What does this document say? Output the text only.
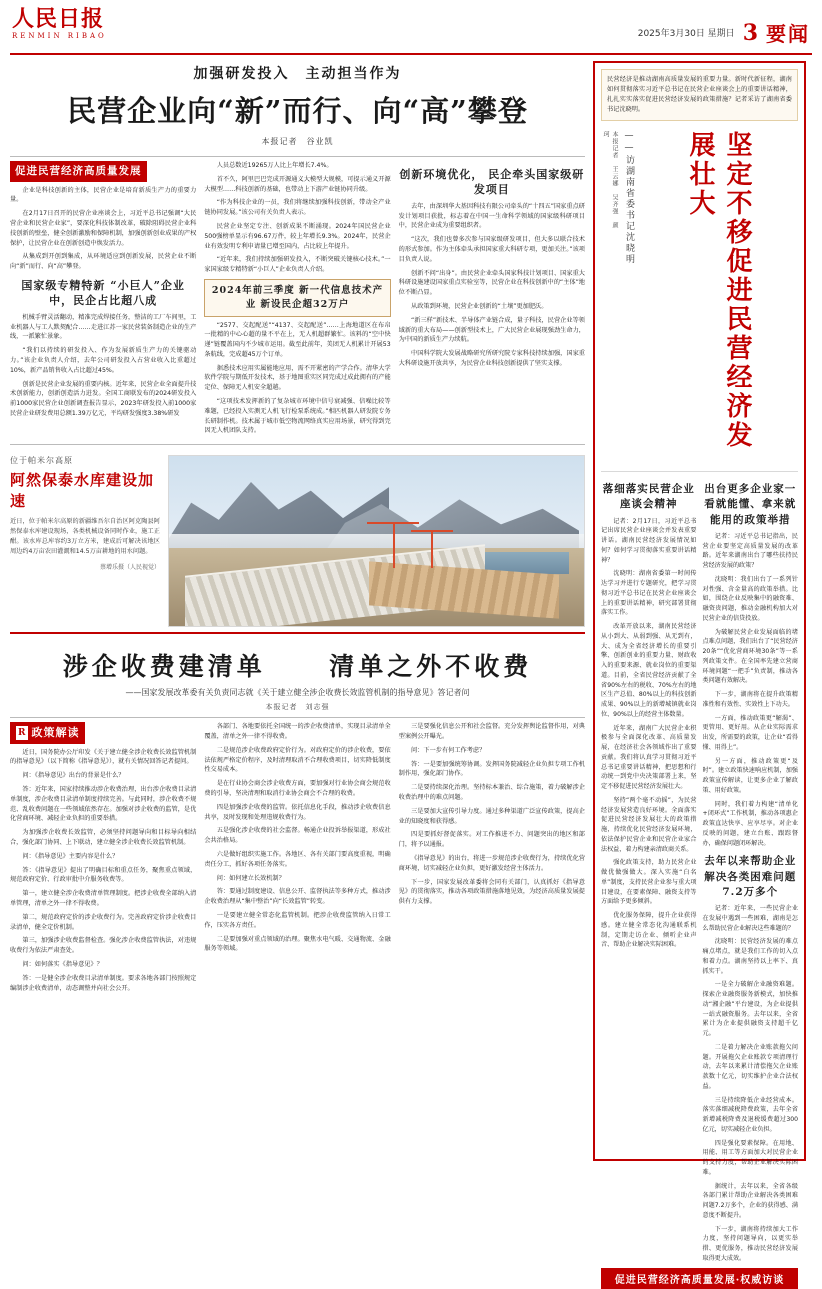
人民日报
RENMIN RIBAO	2025年3月30日 星期日 3 要闻
加强研发投入　主动担当作为
民营企业向“新”而行、向“高”攀登
本报记者　谷业凯
促进民营经济高质量发展

企业是科技创新的主体，民营企业是培育新质生产力的重要力量。

在2月17日召开的民营企业座谈会上，习近平总书记强调“大民营企业和民营企业家”，要深化科技体制改革，破除阻碍民营企业科技创新的壁垒，健全创新激励和保障机制，加强创新创业成果的产权保护，让民营企业在创新创造中焕发活力。

从集成到开创到集成，从环境适应到创新发展，民营企业不断向“新”而行、向“高”攀登。

国家级专精特新 “小巨人”企业中，民企占比超八成

机械手臂灵活翻动，精准完成焊接任务，整洁的工厂车间里，工业机器人与工人默契配合……走进江苏一家民营装备制造企业的生产线，一派繁忙景象。

“我们以持续的研发投入、作为发展新质生产力的关键驱动力。”该企业负责人介绍，去年公司研发投入占营业收入比重超过10%，新产品销售收入占比超过45%。

创新是民营企业发展的重要内核。近年来，民营企业全面提升技术创新能力，创新创造活力迸发。全国工商联发布的2024研发投入前1000家民营企业创新调查报告显示，2023年研发投入前1000家民营企业研发费用总额1.39万亿元，平均研发强度3.38%研发

人员总数近19265万人比上年增长7.4%。

首不久，阿里巴巴完成开源通义大模型大规模，可提示通义开源大模型……科技创新的基础，也带动上下游产业链协同升级。

“作为科技企业的一员，我们将继续加强科技创新，带动全产业链协同发展。”该公司有关负责人表示。

民营企业坚定专注、创新成果不断涌现。2024年国民营企业500强榜单显示有96.67万件，较上年增长9.3%。2024年，民营企业有效发明专利申请量已增至国内，占比较上年提升。

“近年来，我们持续加强研发投入，不断突破关键核心技术。”一家国家级专精特新“小巨人”企业负责人介绍。

2024年前三季度 新一代信息技术产业 新设民企超32万户

“2577、交起配送”“4137、交起配送”……上海地道区在布帛一批精的中心心超的量不平在上，无人机超群繁忙。该料的“空中快递”链覆盖国内不少城市运用。截至此前年，美团无人机累计开展53条航线，完成超45万个订单。

据悉技术应用实属能地应用，需不开紧密的产学合作。清华大学软件学院与期低开发技术，基于地图重实区同完成过成此拥有的产能定位、保障无人机安全超越。

“这项技术发挥新的了复杂城市环境中信号衰减强、信噪比较等难题，已经投入实测无人机飞行检泵系统成。”相匹机器人研发院专务长研制作机。技术属于城市低空物流网络真实应用场景，研究得到完因无人机团队支持。

创新环境优化， 民企牵头国家级研发项目

去年，由深圳华大基因科技有限公司牵头的“十四五”国家重点研发计划项目获批，标志着在中国一生命科学领域的国家级科研项目中，民营企业成为重要组织者。

“这次，我们也曾多次参与国家级研发项目，但大多以联合技术的形式参加。作为主体牵头承担国家重大科研专项，更加关注。”该项目负责人说。

创新不问“出身”。由民营企业牵头国家科技计划项目、国家重大科研设施建设国家重点实验室等，民营企业在科技创新中的“主体”地位不断凸显。

从政策到环境，民营企业创新的“土壤”更加肥沃。

“新三样”新技术、半导体产业链合成，量子科技，民营企业等领域新的重大布局——创新型技术上，广大民营企业展现强劲生命力，为中国的新质生产力续航。

中国科学院大发展战略研究所研究院专家科技持续加强，国家重大科研设施开放共享，为民营企业科技创新提供了坚实支撑。

位于帕米尔高原
阿然保泰水库建设加速
近日，位于帕米尔高原的新疆维吾尔自治区阿克陶县阿然保泰水库建设现场，各类机械设备同时作业，施工正酣。该水库总库容约3万立方米，建成后可解决该地区周边约4万亩农田灌溉和14.5万亩耕地的用水问题。
蔡增乐摄（人民视觉）
涉企收费建清单	清单之外不收费
——国家发展改革委有关负责同志就《关于建立健全涉企收费长效监管机制的指导意见》答记者问
本报记者　刘志强
R 政策解读

近日，国务院办公厅印发《关于建立健全涉企收费长效监管机制的指导意见》（以下简称《指导意见》），就有关情况回答记者提问。

问：《指导意见》出台的背景是什么？

答：近年来，国家持续推动涉企收费治理，出台涉企收费目录清单制度，涉企收费目录清单制度持续完善。与此同时，涉企收费不规范、乱收费问题在一些领域依然存在。加强对涉企收费的监管，是优化营商环境、减轻企业负担的重要举措。

为加强涉企收费长效监管，必须坚持问题导向和目标导向相结合，强化部门协同、上下联动，建立健全涉企收费长效监管机制。

问：《指导意见》主要内容是什么？

答：《指导意见》提出了明确目标和重点任务，聚焦重点领域，规范政府定价、行政审批中介服务收费等。

第一，建立健全涉企收费清单管理制度。把涉企收费全部纳入清单管理，清单之外一律不得收费。

第二，规范政府定价的涉企收费行为。完善政府定价涉企收费目录清单，健全定价机制。

第三，加强涉企收费监督检查。强化涉企收费监管执法，对违规收费行为依法严肃查处。

问：如何落实《指导意见》？

答：一是健全涉企收费目录清单制度。要求各地各部门按照规定编制涉企收费清单，动态调整并向社会公开。

各部门、各地要依托全国统一的涉企收费清单，实现目录清单全覆盖，清单之外一律不得收费。

二是规范涉企收费政府定价行为。对政府定价的涉企收费，要依法依规严格定价程序，及时清理取消不合理收费项目，切实降低制度性交易成本。

是在行业协会商会涉企收费方面，要加强对行业协会商会规范收费的引导，坚决清理和取消行业协会商会不合理的收费。

四是加强涉企收费的监管。依托信息化手段，推动涉企收费信息共享，及时发现和处理违规收费行为。

五是强化涉企收费的社会监督。畅通企业投诉举报渠道，形成社会共治格局。

六是做好组织实施工作。各地区、各有关部门要高度重视，明确责任分工，抓好各项任务落实。

问：如何建立长效机制？

答：要通过制度建设、信息公开、监督执法等多种方式，推动涉企收费治理从“集中整治”向“长效监管”转变。

一是要建立健全常态化监管机制。把涉企收费监管纳入日常工作，压实各方责任。

二是要加强对重点领域的治理。聚焦水电气暖、交通物流、金融服务等领域。

三是要强化信息公开和社会监督。充分发挥舆论监督作用，对典型案例公开曝光。

问：下一步有何工作考虑？

答：一是要加强统筹协调。发挥国务院减轻企业负担专项工作机制作用，强化部门协作。

二是要持续深化治理。坚持标本兼治、综合施策，着力破解涉企收费治理中的难点问题。

三是要加大宣传引导力度。通过多种渠道广泛宣传政策，提高企业的知晓度和获得感。

四是要抓好督促落实。对工作推进不力、问题突出的地区和部门，将予以通报。

《指导意见》的出台，将进一步规范涉企收费行为，持续优化营商环境，切实减轻企业负担，更好激发经营主体活力。

下一步，国家发展改革委将会同有关部门，认真抓好《指导意见》的贯彻落实，推动各项政策措施落地见效，为经济高质量发展提供有力支撑。

民营经济是推动湖南高质量发展的重要力量。新时代新征程，湖南如何贯彻落实习近平总书记在民营企业座谈会上的重要讲话精神，扎扎实实落实促进民营经济发展的政策措施？记者采访了湖南省委书记沈晓明。
本报记者　王云娜　吴齐强　颜　珂	——访湖南省委书记沈晓明	坚定不移促进民营经济发展壮大
落细落实民营企业座谈会精神

记者：2月17日，习近平总书记出席民营企业座谈会并发表重要讲话。湖南民营经济发展情况如何？如何学习贯彻落实重要讲话精神？

沈晓明：湖南省委第一时间传达学习并进行专题研究，把学习贯彻习近平总书记在民营企业座谈会上的重要讲话精神，研究部署贯彻落实工作。

改革开放以来，湖南民营经济从小到大、从弱到强、从无到有，大、成为全省经济增长的重要引擎、创新创业的重要力量、财政收入的重要来源、就业岗位的重要渠道。目前，全省民营经济贡献了全省90%左右的税收、70%左右的地区生产总值、80%以上的科技创新成果、90%以上的新增城镇就业岗位、90%以上的经营主体数量。

近年来，湖南广大民营企业积极参与全面深化改革、高质量发展，在经济社会各领域作出了重要贡献。我们将认真学习贯彻习近平总书记重要讲话精神，把思想和行动统一到党中央决策部署上来，坚定不移促进民营经济发展壮大。

坚持“两个毫不动摇”，为民营经济发展营造良好环境。全面落实促进民营经济发展壮大的政策措施，持续优化民营经济发展环境，依法保护民营企业和民营企业家合法权益，着力构建亲清政商关系。

强化政策支持，助力民营企业做优做强做大。深入实施“白名单”制度，支持民营企业参与重大项目建设，在要素保障、融资支持等方面给予更多倾斜。

优化服务保障，提升企业获得感。建立健全常态化沟通联系机制，定期走访企业、倾听企业声音、帮助企业解决实际困难。

出台更多企业家一看就能懂、拿来就能用的政策举措

记者：习近平总书记指出，民营企业要坚定高质量发展的改革路。近年来湖南出台了哪些扶持民营经济发展的政策？

沈晓明：我们出台了一系列针对性强、含金量高的政策举措。比如，围绕企业反映集中的融资难、融资贵问题，推动金融机构加大对民营企业的信贷投放。

为破解民营企业发展面临的堵点难点问题，我们出台了“民营经济20条”“优化营商环境30条”等一系列政策文件。在全国率先建立营商环境问题“一把手”负责制，推动各类问题有效解决。

下一步，湖南将在提升政策精准性和有效性、实效性上下功夫。

一方面，推动政策更“解渴”、更管用、更好用。从企业实际需求出发，所需要的政策，让企业“看得懂、用得上”。

另一方面，推动政策更“及时”。建立政策快速响应机制，加强政策宣传解读，让更多企业了解政策、用好政策。

同时，我们着力构建“清单化+闭环式”工作机制，推动各项惠企政策直达快享、应享尽享。对企业反映的问题，建立台账、跟踪督办，确保问题闭环解决。

去年以来帮助企业解决各类困难问题7.2万多个

记者：近年来，一些民营企业在发展中遇到一些困难，湖南是怎么帮助民营企业解决这些难题的？

沈晓明：民营经济发展的难点痛点堵点，就是我们工作的切入点和着力点。湖南坚持以上率下、真抓实干。

一是全力破解企业融资难题。探索企业融资服务新模式，加快推动“湘企融”平台建设，为企业提供一站式融资服务。去年以来，全省累计为企业提供融资支持超千亿元。

二是着力解决企业账款拖欠问题。开展拖欠企业账款专项清理行动，去年以来累计清偿拖欠企业账款数十亿元，切实维护企业合法权益。

三是持续降低企业经营成本。落实落细减税降费政策，去年全省新增减税降费及退税缓费超过300亿元，切实减轻企业负担。

四是强化要素保障。在用地、用能、用工等方面加大对民营企业的支持力度，帮助企业解决实际困难。

据统计，去年以来，全省各级各部门累计帮助企业解决各类困难问题7.2万多个，企业的获得感、满意度不断提升。

下一步，湖南将持续加大工作力度，坚持问题导向，以更实举措、更优服务，推动民营经济发展取得更大成效。

促进民营经济高质量发展·权威访谈
